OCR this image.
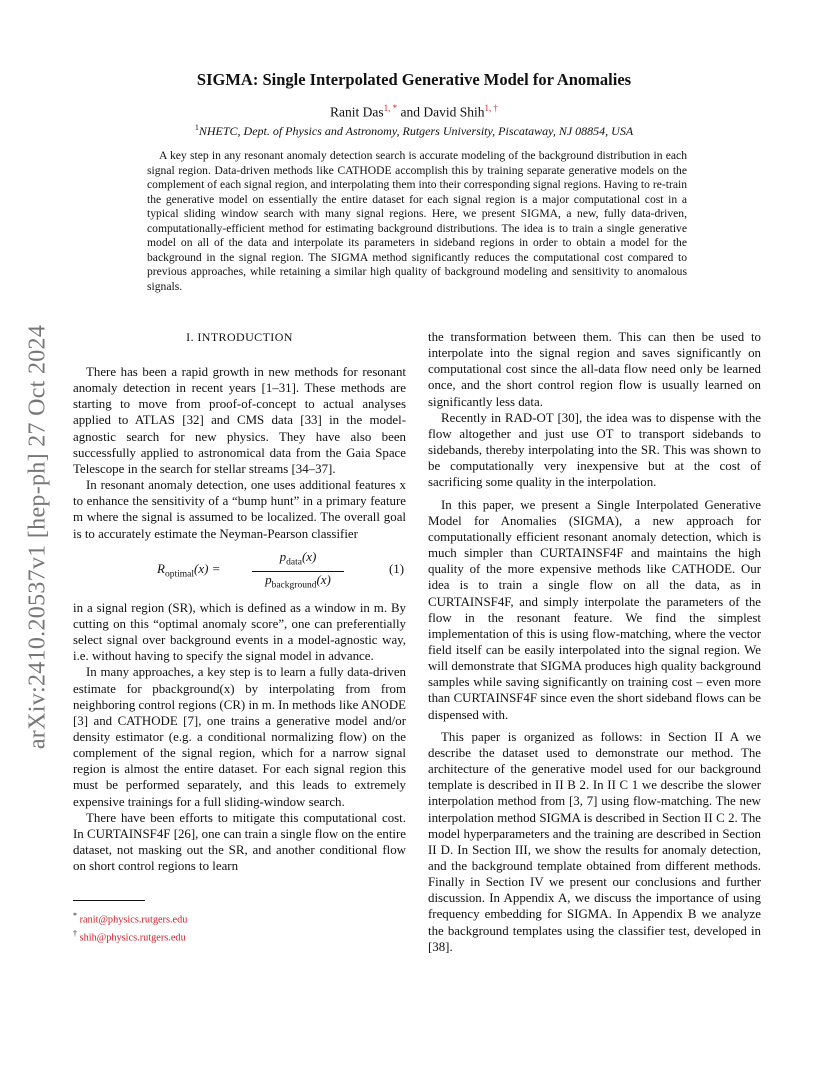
arXiv:2410.20537v1 [hep-ph] 27 Oct 2024
SIGMA: Single Interpolated Generative Model for Anomalies
Ranit Das$^{1, *}$ and David Shih$^{1, \dagger}$
$^1$NHETC, Dept. of Physics and Astronomy, Rutgers University, Piscataway, NJ 08854, USA
A key step in any resonant anomaly detection search is accurate modeling of the background distribution in each signal region. Data-driven methods like CATHODE accomplish this by training separate generative models on the complement of each signal region, and interpolating them into their corresponding signal regions. Having to re-train the generative model on essentially the entire dataset for each signal region is a major computational cost in a typical sliding window search with many signal regions. Here, we present SIGMA, a new, fully data-driven, computationally-efficient method for estimating background distributions. The idea is to train a single generative model on all of the data and interpolate its parameters in sideband regions in order to obtain a model for the background in the signal region. The SIGMA method significantly reduces the computational cost compared to previous approaches, while retaining a similar high quality of background modeling and sensitivity to anomalous signals.
I. INTRODUCTION

There has been a rapid growth in new methods for resonant anomaly detection in recent years [1–31]. These methods are starting to move from proof-of-concept to actual analyses applied to ATLAS [32] and CMS data [33] in the model-agnostic search for new physics. They have also been successfully applied to astronomical data from the Gaia Space Telescope in the search for stellar streams [34–37].

In resonant anomaly detection, one uses additional features x to enhance the sensitivity of a “bump hunt” in a primary feature m where the signal is assumed to be localized. The overall goal is to accurately estimate the Neyman-Pearson classifier

$R_{optimal}(x)$ =
$p_{data}(x)$
$p_{background}(x)$
(1)

in a signal region (SR), which is defined as a window in m. By cutting on this “optimal anomaly score”, one can preferentially select signal over background events in a model-agnostic way, i.e. without having to specify the signal model in advance.

In many approaches, a key step is to learn a fully data-driven estimate for pbackground(x) by interpolating from from neighboring control regions (CR) in m. In methods like ANODE [3] and CATHODE [7], one trains a generative model and/or density estimator (e.g. a conditional normalizing flow) on the complement of the signal region, which for a narrow signal region is almost the entire dataset. For each signal region this must be performed separately, and this leads to extremely expensive trainings for a full sliding-window search.

There have been efforts to mitigate this computational cost. In CURTAINSF4F [26], one can train a single flow on the entire dataset, not masking out the SR, and another conditional flow on short control regions to learn

* ranit@physics.rutgers.edu
† shih@physics.rutgers.edu

the transformation between them. This can then be used to interpolate into the signal region and saves significantly on computational cost since the all-data flow need only be learned once, and the short control region flow is usually learned on significantly less data.

Recently in RAD-OT [30], the idea was to dispense with the flow altogether and just use OT to transport sidebands to sidebands, thereby interpolating into the SR. This was shown to be computationally very inexpensive but at the cost of sacrificing some quality in the interpolation.

In this paper, we present a Single Interpolated Generative Model for Anomalies (SIGMA), a new approach for computationally efficient resonant anomaly detection, which is much simpler than CURTAINSF4F and maintains the high quality of the more expensive methods like CATHODE. Our idea is to train a single flow on all the data, as in CURTAINSF4F, and simply interpolate the parameters of the flow in the resonant feature. We find the simplest implementation of this is using flow-matching, where the vector field itself can be easily interpolated into the signal region. We will demonstrate that SIGMA produces high quality background samples while saving significantly on training cost – even more than CURTAINSF4F since even the short sideband flows can be dispensed with.

This paper is organized as follows: in Section II A we describe the dataset used to demonstrate our method. The architecture of the generative model used for our background template is described in II B 2. In II C 1 we describe the slower interpolation method from [3, 7] using flow-matching. The new interpolation method SIGMA is described in Section II C 2. The model hyperparameters and the training are described in Section II D. In Section III, we show the results for anomaly detection, and the background template obtained from different methods. Finally in Section IV we present our conclusions and further discussion. In Appendix A, we discuss the importance of using frequency embedding for SIGMA. In Appendix B we analyze the background templates using the classifier test, developed in [38].
